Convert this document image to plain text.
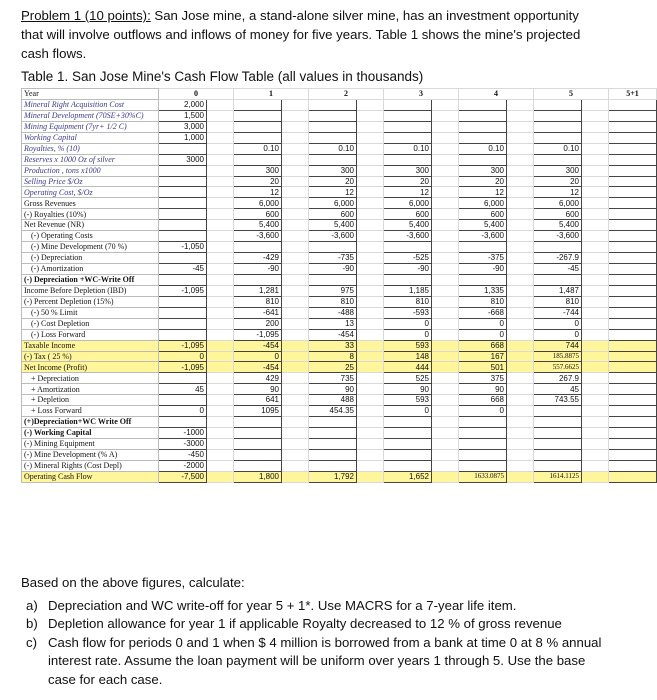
Problem 1 (10 points): San Jose mine, a stand-alone silver mine, has an investment opportunity that will involve outflows and inflows of money for five years. Table 1 shows the mine's projected cash flows.
Table 1. San Jose Mine's Cash Flow Table (all values in thousands)
Year	0		1		2		3		4		5		5+1
Mineral Right Acquisition Cost	2,000												
Mineral Development (70SE+30%C)	1,500												
Mining Equipment (7yr+ 1/2 C)	3,000												
Working Capital	1,000												
Royalties, % (10)			0.10		0.10		0.10		0.10		0.10		
Reserves x 1000 Oz of silver	3000												
Production , tons x1000			300		300		300		300		300		
Selling Price $/Oz			20		20		20		20		20		
Operating Cost, $/Oz			12		12		12		12		12		
Gross Revenues			6,000		6,000		6,000		6,000		6,000		
(-) Royalties (10%)			600		600		600		600		600		
Net Revenue (NR)			5,400		5,400		5,400		5,400		5,400		
(-) Operating Costs			-3,600		-3,600		-3,600		-3,600		-3,600		
(-) Mine Development (70 %)	-1,050												
(-) Depreciation			-429		-735		-525		-375		-267.9		
(-) Amortization	-45		-90		-90		-90		-90		-45		
(-) Depreciation +WC-Write Off													
Income Before Depletion (IBD)	-1,095		1,281		975		1,185		1,335		1,487		
(-) Percent Depletion (15%)			810		810		810		810		810		
(-) 50 % Limit			-641		-488		-593		-668		-744		
(-) Cost Depletion			200		13		0		0		0		
(-) Loss Forward			-1,095		-454		0		0		0		
Taxable Income	-1,095		-454		33		593		668		744		
(-) Tax ( 25 %)	0		0		8		148		167		185.8875		
Net Income (Profit)	-1,095		-454		25		444		501		557.6625		
+ Depreciation			429		735		525		375		267.9		
+ Amortization	45		90		90		90		90		45		
+ Depletion			641		488		593		668		743.55		
+ Loss Forward	0		1095		454.35		0		0				
(+)Depreciation+WC Write Off													
(-) Working Capital	-1000												
(-) Mining Equipment	-3000												
(-) Mine Development (% A)	-450												
(-) Mineral Rights (Cost Depl)	-2000												
Operating Cash Flow	-7,500		1,800		1,792		1,652		1633.0875		1614.1125		
Based on the above figures, calculate:
a) Depreciation and WC write-off for year 5 + 1*. Use MACRS for a 7-year life item.
b) Depletion allowance for year 1 if applicable Royalty decreased to 12 % of gross revenue
c) Cash flow for periods 0 and 1 when $ 4 million is borrowed from a bank at time 0 at 8 % annual interest rate. Assume the loan payment will be uniform over years 1 through 5. Use the base case for each case.
